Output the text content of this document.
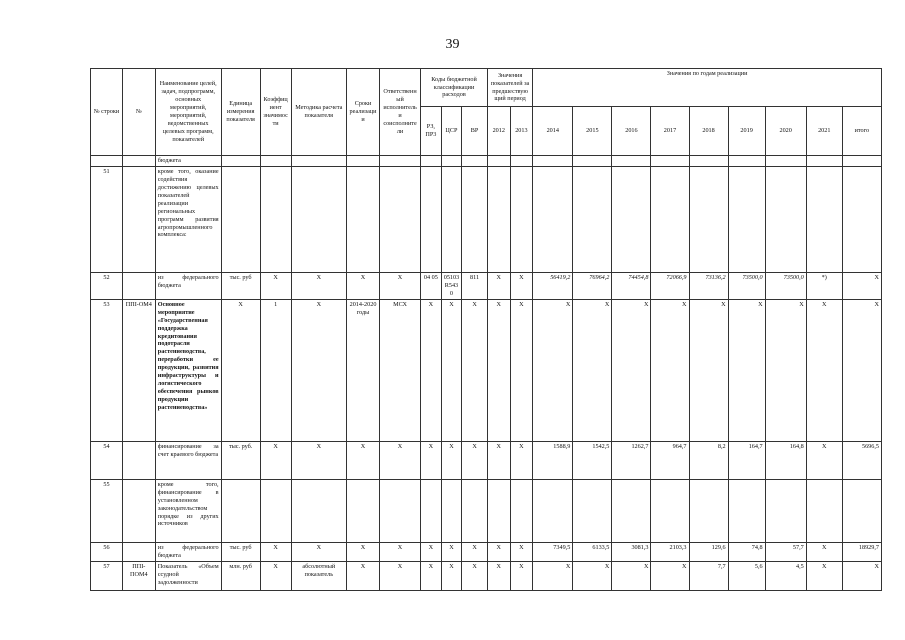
39
№ строки	№	Наименование целей, задач, подпрограмм, основных мероприятий, мероприятий, ведомственных целевых программ, показателей	Единица измерения показателя	Коэффициент значимости	Методика расчета показателя	Сроки реализации	Ответственный исполнитель и соисполнители	Коды бюджетной классификации расходов			Значения показателей за предшествующий период		Значения по годам реализации								
								РЗ, ПР3	ЦСР	ВР	2012	2013	2014	2015	2016	2017	2018	2019	2020	2021	итого
		бюджета																			
51		кроме того, оказание содействия достижению целевых показателей реализации региональных программ развития агропромышленного комплекса:																			
52		из федерального бюджета	тыс. руб	X	X	X	X	04 05	05103 R5430	811	X	X	56419,2	76964,2	74454,8	72066,9	73136,2	73500,0	73500,0	*)	X
53	ППI-ОМ4	Основное мероприятие «Государственная поддержка кредитования подотрасли растениеводства, переработки ее продукции, развития инфраструктуры и логистического обеспечения рынков продукции растениеводства»	X	1	X	2014-2020 годы	МСХ	X	X	X	X	X	X	X	X	X	X	X	X	X	X
54		финансирование за счет краевого бюджета	тыс. руб.	X	X	X	X	X	X	X	X	X	1588,9	1542,5	1262,7	964,7	8,2	164,7	164,8	X	5696,5
55		кроме того, финансирование в установленном законодательством порядке из других источников																			
56		из федерального бюджета	тыс. руб	X	X	X	X	X	X	X	X	X	7349,5	6133,5	3081,3	2103,3	129,6	74,8	57,7	X	18929,7
57	ППI-ПОМ4	Показатель «Объем ссудной задолженности	млн. руб	X	абсолютный показатель	X	X	X	X	X	X	X	X	X	X	X	7,7	5,6	4,5	X	X
